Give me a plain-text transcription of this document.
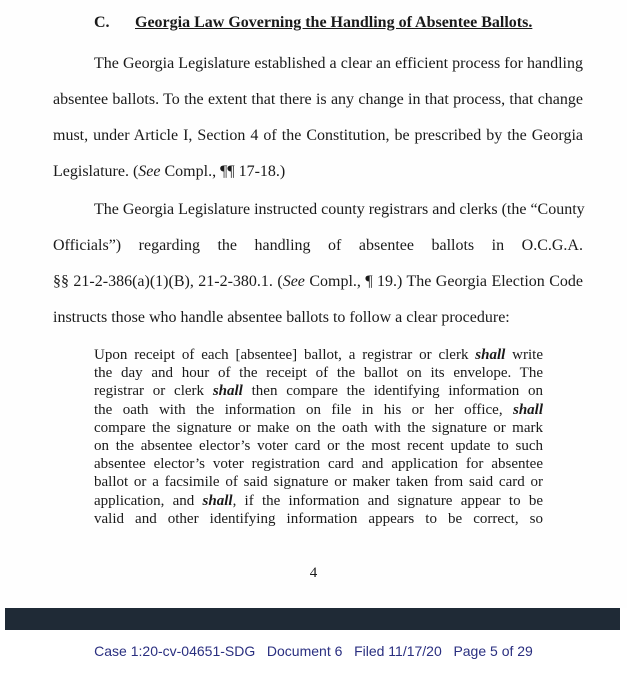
C. Georgia Law Governing the Handling of Absentee Ballots.
The Georgia Legislature established a clear an efficient process for handling
absentee ballots. To the extent that there is any change in that process, that change
must, under Article I, Section 4 of the Constitution, be prescribed by the Georgia
Legislature. (See Compl., ¶¶ 17-18.)
The Georgia Legislature instructed county registrars and clerks (the “County
Officials”) regarding the handling of absentee ballots in O.C.G.A.
§§ 21-2-386(a)(1)(B), 21-2-380.1. (See Compl., ¶ 19.) The Georgia Election Code
instructs those who handle absentee ballots to follow a clear procedure:
Upon receipt of each [absentee] ballot, a registrar or clerk shall write
the day and hour of the receipt of the ballot on its envelope. The
registrar or clerk shall then compare the identifying information on
the oath with the information on file in his or her office, shall
compare the signature or make on the oath with the signature or mark
on the absentee elector’s voter card or the most recent update to such
absentee elector’s voter registration card and application for absentee
ballot or a facsimile of said signature or maker taken from said card or
application, and shall, if the information and signature appear to be
valid and other identifying information appears to be correct, so
4
Case 1:20-cv-04651-SDG Document 6 Filed 11/17/20 Page 5 of 29
